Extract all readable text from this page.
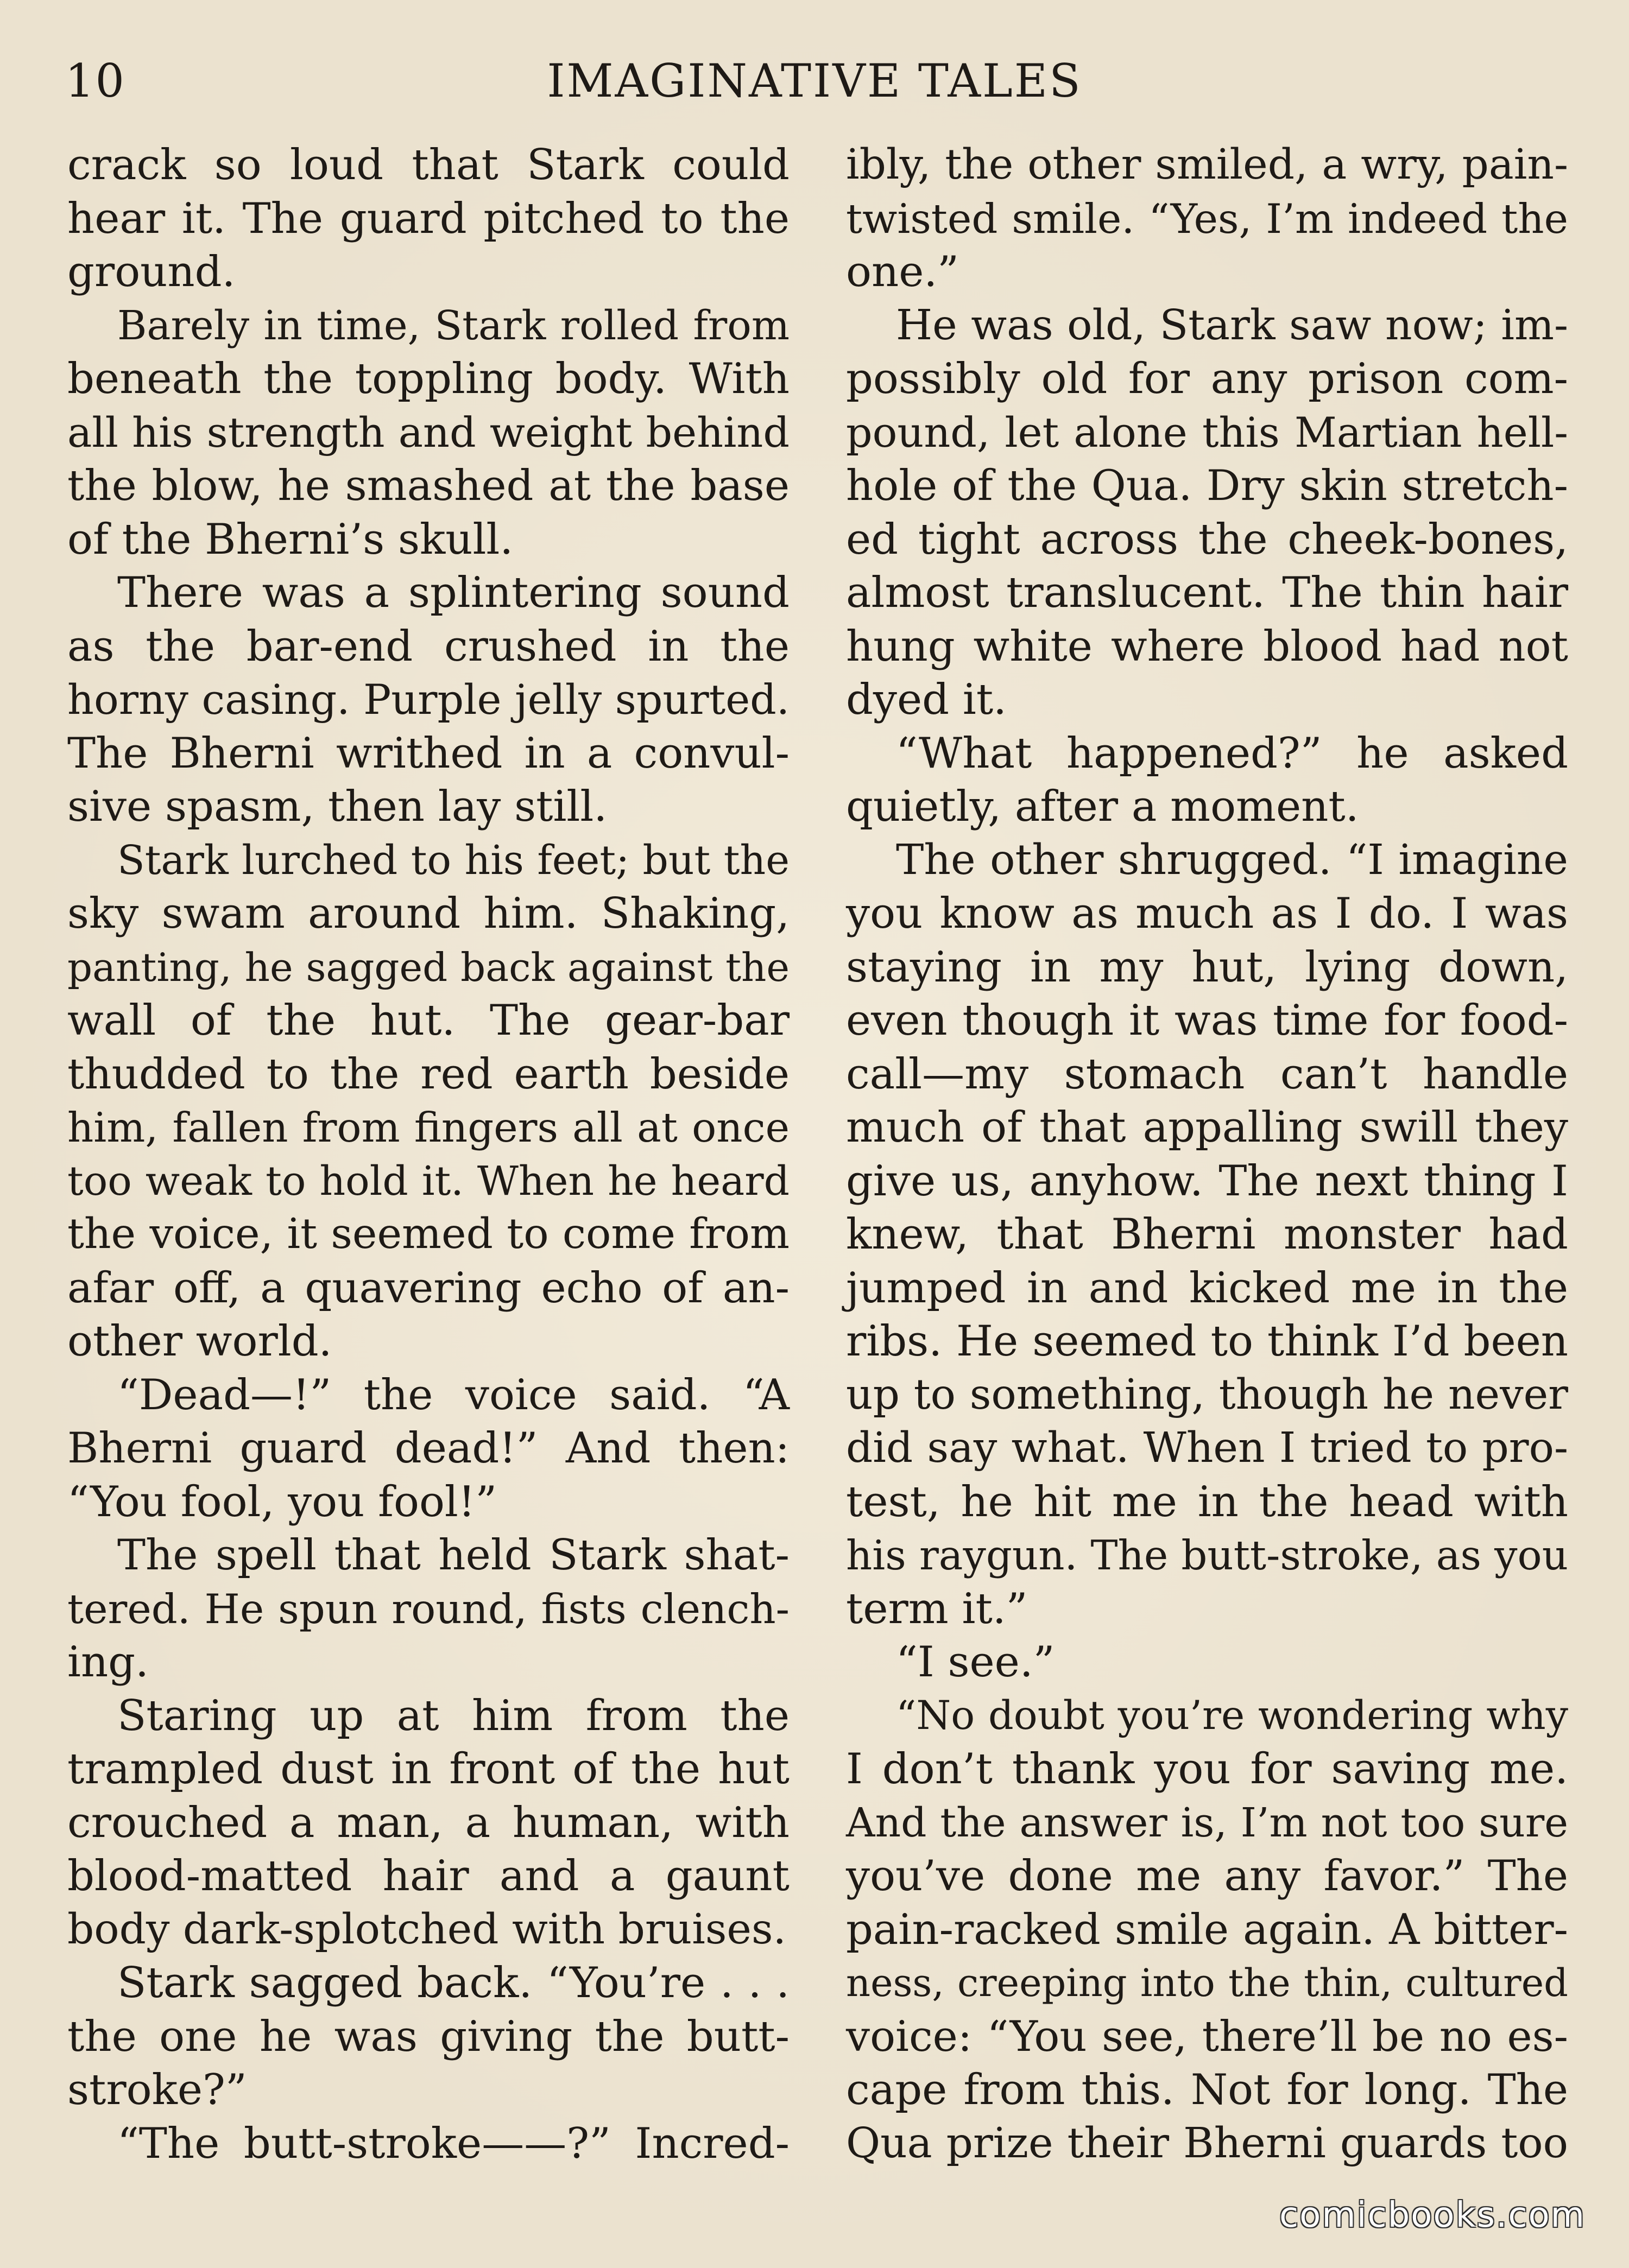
10	IMAGINATIVE TALES
crack so loud that Stark could
hear it. The guard pitched to the
ground.
Barely in time, Stark rolled from
beneath the toppling body. With
all his strength and weight behind
the blow, he smashed at the base
of the Bherni’s skull.
There was a splintering sound
as the bar-end crushed in the
horny casing. Purple jelly spurted.
The Bherni writhed in a convul-
sive spasm, then lay still.
Stark lurched to his feet; but the
sky swam around him. Shaking,
panting, he sagged back against the
wall of the hut. The gear-bar
thudded to the red earth beside
him, fallen from fingers all at once
too weak to hold it. When he heard
the voice, it seemed to come from
afar off, a quavering echo of an-
other world.
“Dead—!” the voice said. “A
Bherni guard dead!” And then:
“You fool, you fool!”
The spell that held Stark shat-
tered. He spun round, fists clench-
ing.
Staring up at him from the
trampled dust in front of the hut
crouched a man, a human, with
blood-matted hair and a gaunt
body dark-splotched with bruises.
Stark sagged back. “You’re . . .
the one he was giving the butt-
stroke?”
“The butt-stroke——?” Incred-
ibly, the other smiled, a wry, pain-
twisted smile. “Yes, I’m indeed the
one.”
He was old, Stark saw now; im-
possibly old for any prison com-
pound, let alone this Martian hell-
hole of the Qua. Dry skin stretch-
ed tight across the cheek-bones,
almost translucent. The thin hair
hung white where blood had not
dyed it.
“What happened?” he asked
quietly, after a moment.
The other shrugged. “I imagine
you know as much as I do. I was
staying in my hut, lying down,
even though it was time for food-
call—my stomach can’t handle
much of that appalling swill they
give us, anyhow. The next thing I
knew, that Bherni monster had
jumped in and kicked me in the
ribs. He seemed to think I’d been
up to something, though he never
did say what. When I tried to pro-
test, he hit me in the head with
his raygun. The butt-stroke, as you
term it.”
“I see.”
“No doubt you’re wondering why
I don’t thank you for saving me.
And the answer is, I’m not too sure
you’ve done me any favor.” The
pain-racked smile again. A bitter-
ness, creeping into the thin, cultured
voice: “You see, there’ll be no es-
cape from this. Not for long. The
Qua prize their Bherni guards too
comicbooks.com
